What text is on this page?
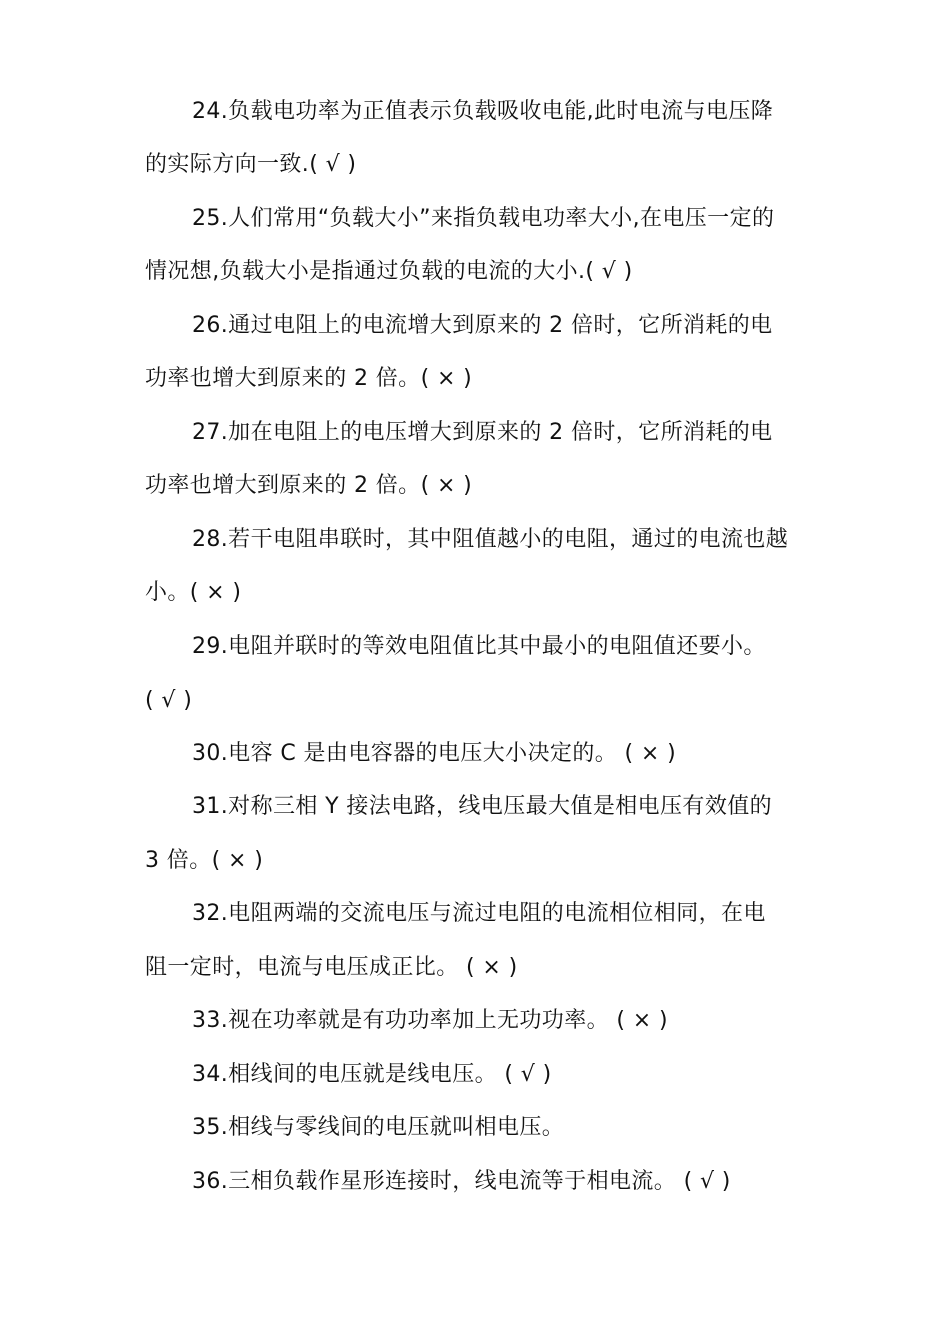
24.负载电功率为正值表示负载吸收电能,此时电流与电压降
的实际方向一致.( √ )
25.人们常用“负载大小”来指负载电功率大小,在电压一定的
情况想,负载大小是指通过负载的电流的大小.( √ )
26.通过电阻上的电流增大到原来的 2 倍时，它所消耗的电
功率也增大到原来的 2 倍。( × )
27.加在电阻上的电压增大到原来的 2 倍时，它所消耗的电
功率也增大到原来的 2 倍。( × )
28.若干电阻串联时，其中阻值越小的电阻，通过的电流也越
小。( × )
29.电阻并联时的等效电阻值比其中最小的电阻值还要小。
( √ )
30.电容 C 是由电容器的电压大小决定的。 ( × )
31.对称三相 Y 接法电路，线电压最大值是相电压有效值的
3 倍。( × )
32.电阻两端的交流电压与流过电阻的电流相位相同，在电
阻一定时，电流与电压成正比。 ( × )
33.视在功率就是有功功率加上无功功率。 ( × )
34.相线间的电压就是线电压。 ( √ )
35.相线与零线间的电压就叫相电压。
36.三相负载作星形连接时，线电流等于相电流。 ( √ )
